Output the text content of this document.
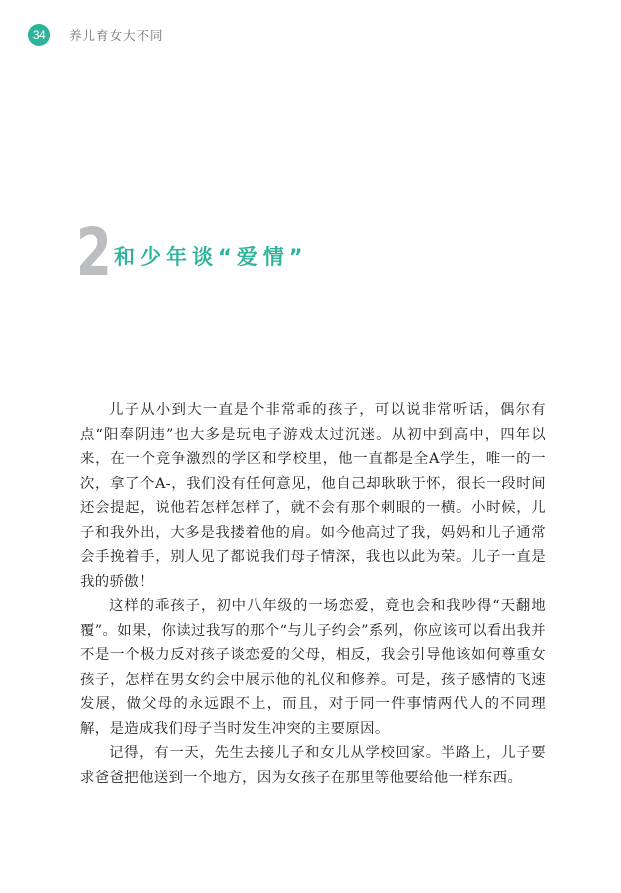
34	养儿育女大不同
2 和少年谈“爱情”

儿子从小到大一直是个非常乖的孩子，可以说非常听话，偶尔有点“阳奉阴违”也大多是玩电子游戏太过沉迷。从初中到高中，四年以来，在一个竞争激烈的学区和学校里，他一直都是全A学生，唯一的一次，拿了个A-，我们没有任何意见，他自己却耿耿于怀，很长一段时间还会提起，说他若怎样怎样了，就不会有那个刺眼的一横。小时候，儿子和我外出，大多是我搂着他的肩。如今他高过了我，妈妈和儿子通常会手挽着手，别人见了都说我们母子情深，我也以此为荣。儿子一直是我的骄傲！

这样的乖孩子，初中八年级的一场恋爱，竟也会和我吵得“天翻地覆”。如果，你读过我写的那个“与儿子约会”系列，你应该可以看出我并不是一个极力反对孩子谈恋爱的父母，相反，我会引导他该如何尊重女孩子，怎样在男女约会中展示他的礼仪和修养。可是，孩子感情的飞速发展，做父母的永远跟不上，而且，对于同一件事情两代人的不同理解，是造成我们母子当时发生冲突的主要原因。

记得，有一天，先生去接儿子和女儿从学校回家。半路上，儿子要求爸爸把他送到一个地方，因为女孩子在那里等他要给他一样东西。
